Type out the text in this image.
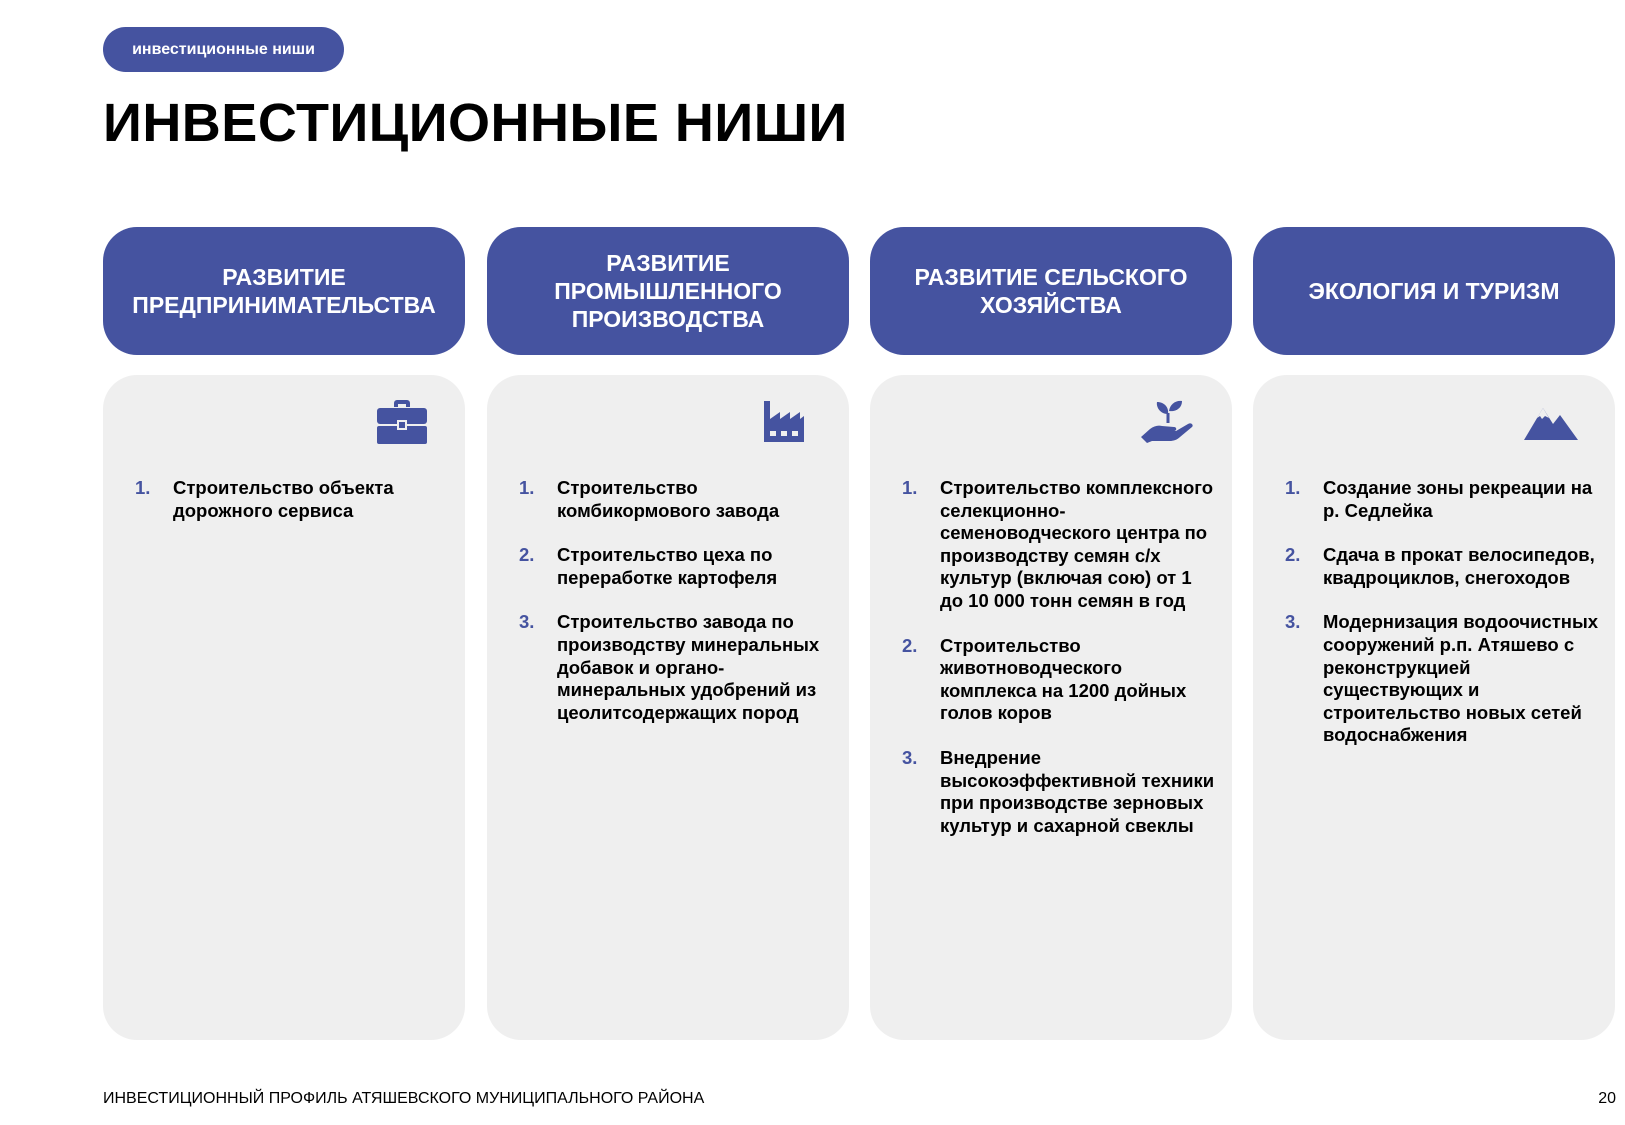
инвестиционные ниши
ИНВЕСТИЦИОННЫЕ НИШИ
РАЗВИТИЕ ПРЕДПРИНИМАТЕЛЬСТВА
1. Строительство объекта дорожного сервиса
РАЗВИТИЕ ПРОМЫШЛЕННОГО ПРОИЗВОДСТВА
1. Строительство комбикормового завода
2. Строительство цеха по переработке картофеля
3. Строительство завода по производству минеральных добавок и органо-минеральных удобрений из цеолитсодержащих пород
РАЗВИТИЕ СЕЛЬСКОГО ХОЗЯЙСТВА
1. Строительство комплексного селекционно-семеноводческого центра по производству семян с/х культур (включая сою) от 1 до 10 000 тонн семян в год
2. Строительство животноводческого комплекса на 1200 дойных голов коров
3. Внедрение высокоэффективной техники при производстве зерновых культур и сахарной свеклы
ЭКОЛОГИЯ И ТУРИЗМ
1. Создание зоны рекреации на р. Седлейка
2. Сдача в прокат велосипедов, квадроциклов, снегоходов
3. Модернизация водоочистных сооружений р.п. Атяшево с реконструкцией существующих и строительство новых сетей водоснабжения
ИНВЕСТИЦИОННЫЙ ПРОФИЛЬ АТЯШЕВСКОГО МУНИЦИПАЛЬНОГО РАЙОНА	20
